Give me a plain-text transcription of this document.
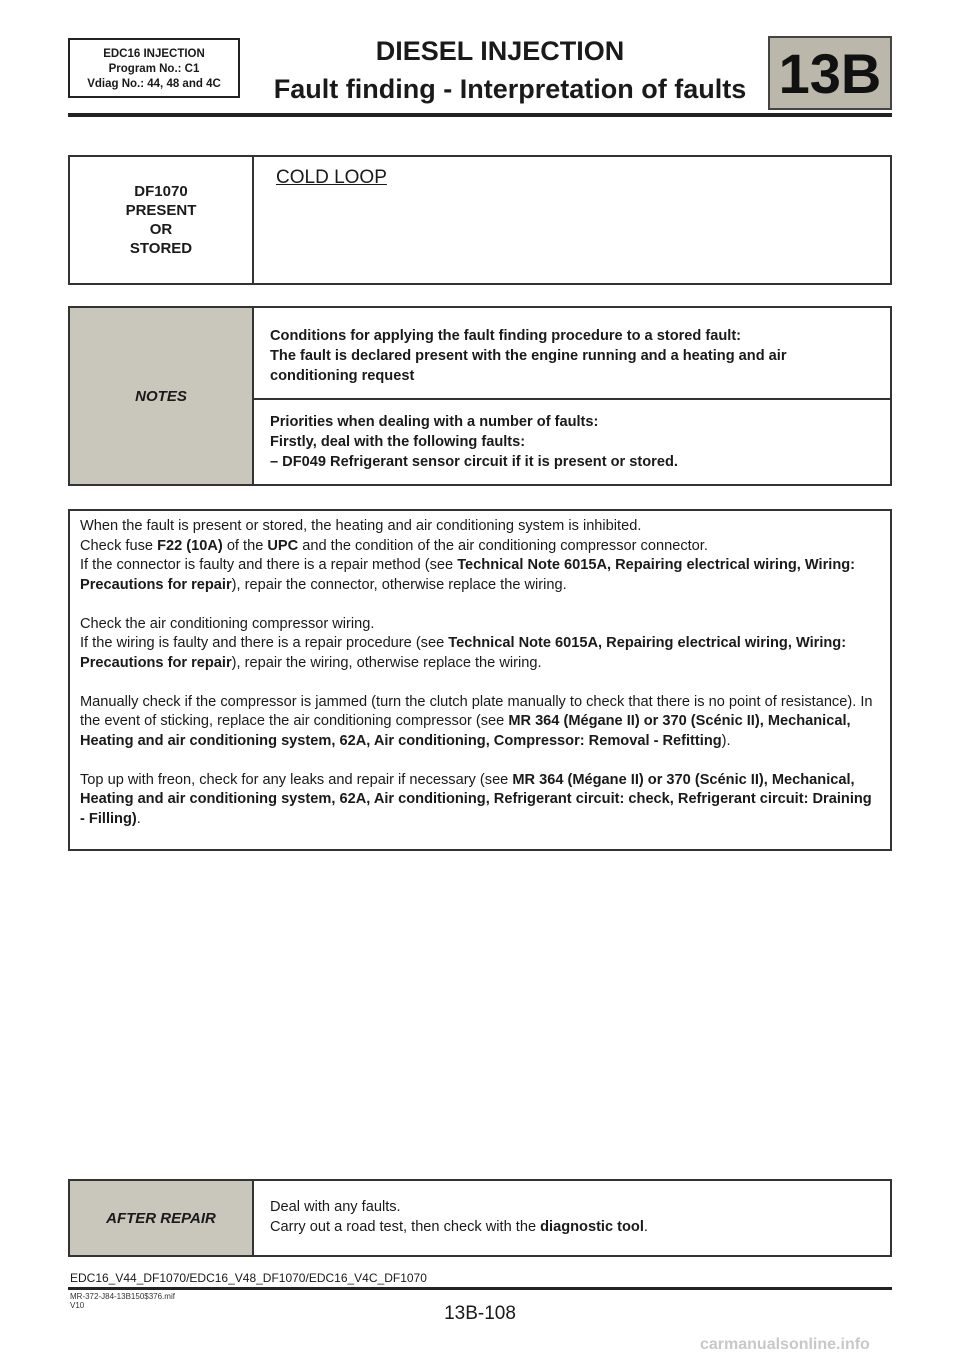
EDC16 INJECTION
Program No.: C1
Vdiag No.: 44, 48 and 4C
DIESEL INJECTION
Fault finding - Interpretation of faults 13B
DF1070
PRESENT
OR
STORED
COLD LOOP
NOTES
Conditions for applying the fault finding procedure to a stored fault:
The fault is declared present with the engine running and a heating and air conditioning request
Priorities when dealing with a number of faults:
Firstly, deal with the following faults:
– DF049 Refrigerant sensor circuit if it is present or stored.

When the fault is present or stored, the heating and air conditioning system is inhibited.
Check fuse F22 (10A) of the UPC and the condition of the air conditioning compressor connector.
If the connector is faulty and there is a repair method (see Technical Note 6015A, Repairing electrical wiring, Wiring: Precautions for repair), repair the connector, otherwise replace the wiring.

Check the air conditioning compressor wiring.
If the wiring is faulty and there is a repair procedure (see Technical Note 6015A, Repairing electrical wiring, Wiring: Precautions for repair), repair the wiring, otherwise replace the wiring.

Manually check if the compressor is jammed (turn the clutch plate manually to check that there is no point of resistance). In the event of sticking, replace the air conditioning compressor (see MR 364 (Mégane II) or 370 (Scénic II), Mechanical, Heating and air conditioning system, 62A, Air conditioning, Compressor: Removal - Refitting).

Top up with freon, check for any leaks and repair if necessary (see MR 364 (Mégane II) or 370 (Scénic II), Mechanical, Heating and air conditioning system, 62A, Air conditioning, Refrigerant circuit: check, Refrigerant circuit: Draining - Filling).

AFTER REPAIR
Deal with any faults.
Carry out a road test, then check with the diagnostic tool.
EDC16_V44_DF1070/EDC16_V48_DF1070/EDC16_V4C_DF1070
MR-372-J84-13B150$376.mif
V10	13B-108
carmanualsonline.info
